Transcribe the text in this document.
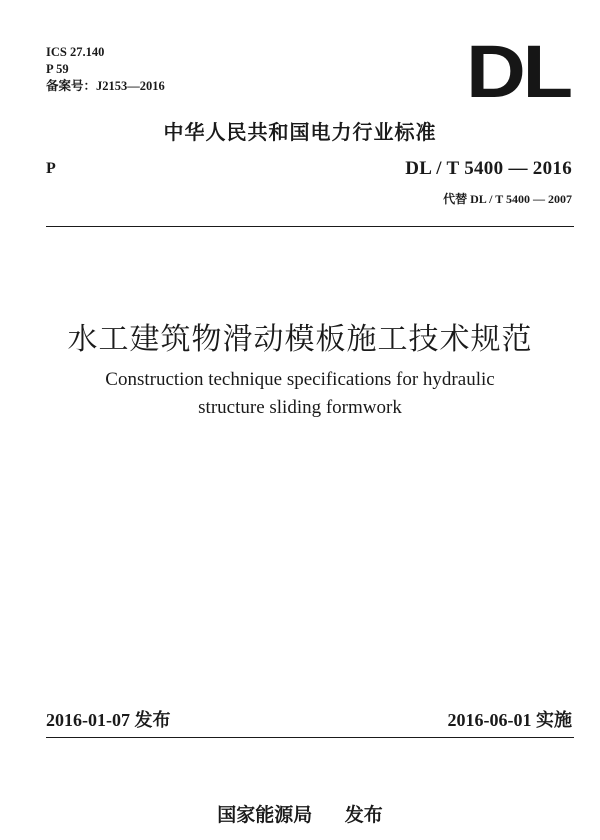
ICS 27.140
P 59
备案号：J2153—2016	DL
中华人民共和国电力行业标准
P	DL / T 5400 — 2016
代替 DL / T 5400 — 2007
水工建筑物滑动模板施工技术规范
Construction technique specifications for hydraulic
structure sliding formwork
2016-01-07 发布	2016-06-01 实施
国家能源局 发布
